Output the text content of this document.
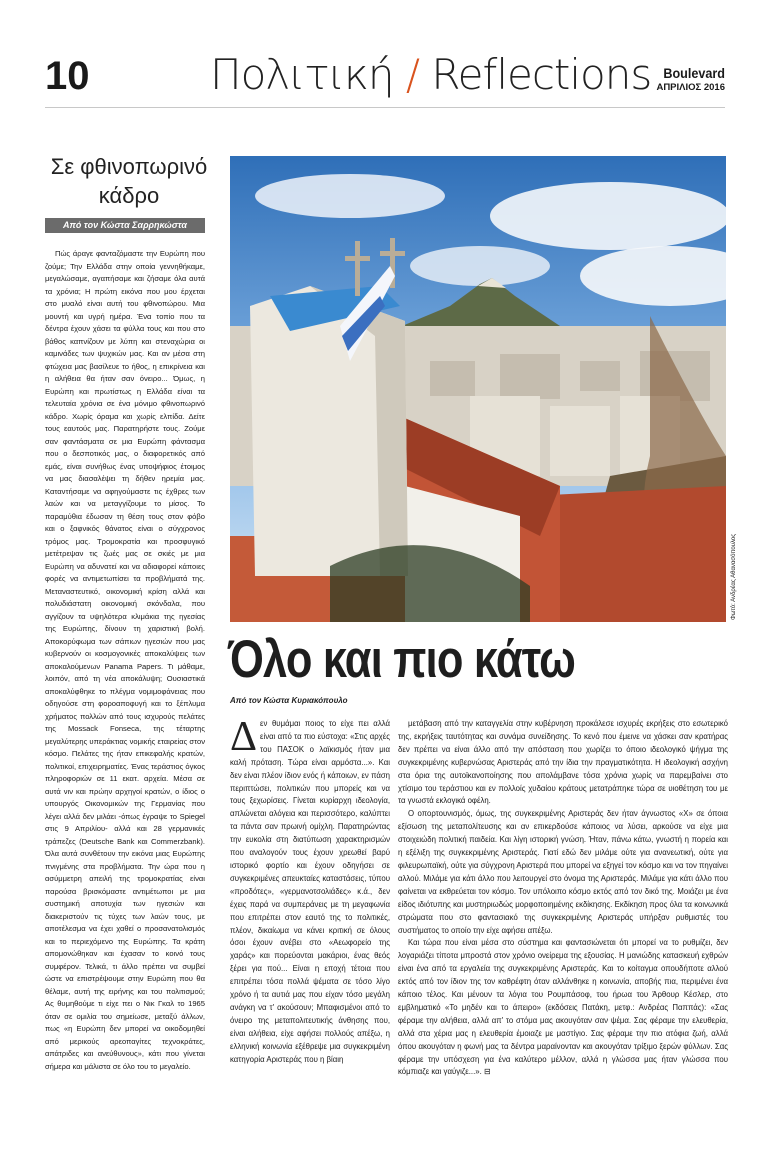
10	Πολιτική / Reflections Boulevard
ΑΠΡΙΛΙΟΣ 2016
Σε φθινοπωρινό κάδρο
Από τον Κώστα Σαρρηκώστα
Πώς άραγε φανταζόμαστε την Ευρώπη που ζούμε; Την Ελλάδα στην οποία γεννηθήκαμε, μεγαλώσαμε, αγαπήσαμε και ζήσαμε όλα αυτά τα χρόνια; Η πρώτη εικόνα που μου έρχεται στο μυαλό είναι αυτή του φθινοπώρου. Μια μουντή και υγρή ημέρα. Ένα τοπίο που τα δέντρα έχουν χάσει τα φύλλα τους και που στο βάθος καπνίζουν με λύπη και στεναχώρια οι καμινάδες των ψυχικών μας. Και αν μέσα στη φτώχεια μας βασίλευε το ήθος, η επικρίνεια και η αλήθεια θα ήταν σαν όνειρο... Όμως, η Ευρώπη και πρωτίστως η Ελλάδα είναι τα τελευταία χρόνια σε ένα μόνιμο φθινοπωρινό κάδρο. Χωρίς όραμα και χωρίς ελπίδα. Δείτε τους εαυτούς μας. Παρατηρήστε τους. Ζούμε σαν φαντάσματα σε μια Ευρώπη φάντασμα που ο δεσποτικός μας, ο διαφορετικός από εμάς, είναι συνήθως ένας υποψήφιος έτοιμος να μας διασαλέψει τη δήθεν ηρεμία μας. Καταντήσαμε να αφηγούμαστε τις έχθρες των λαών και να μεταγγίζουμε το μίσος. Το παραμύθια έδωσαν τη θέση τους στον φόβο και ο ξαφνικός θάνατος είναι ο σύγχρονος τρόμος μας. Τρομοκρατία και προσφυγικό μετέτρεψαν τις ζωές μας σε σκιές με μια Ευρώπη να αδυνατεί και να αδιαφορεί κάποιες φορές να αντιμετωπίσει τα προβλήματά της. Μεταναστευτικό, οικονομική κρίση αλλά και πολυδιάστατη οικονομική σκόνδαλα, που αγγίζουν τα υψηλότερα κλιμάκια της ηγεσίας της Ευρώπης, δίνουν τη χαριστική βολή. Αποκορύφωμα των σάπιων ηγεσιών που μας κυβερνούν οι κοσμογονικές αποκαλύψεις των αποκαλούμενων Panama Papers. Τι μάθαμε, λοιπόν, από τη νέα αποκάλυψη; Ουσιαστικά αποκαλύφθηκε το πλέγμα νομιμοφάνειας που οδηγούσε στη φοροαποφυγή και το ξέπλυμα χρήματος πολλών από τους ισχυρούς πελάτες της Mossack Fonseca, της τέταρτης μεγαλύτερης υπεράκτιας νομικής εταιρείας στον κόσμο. Πελάτες της ήταν επικεφαλής κρατών, πολιτικοί, επιχειρηματίες. Ένας τεράστιος όγκος πληροφοριών σε 11 εκατ. αρχεία. Μέσα σε αυτά νιν και πρώην αρχηγοί κρατών, ο ίδιος ο υπουργός Οικονομικών της Γερμανίας που λέγει αλλά δεν μιλάει -όπως έγραψε το Spiegel στις 9 Απριλίου- αλλά και 28 γερμανικές τράπεζες (Deutsche Bank και Commerzbank). Όλα αυτά συνθέτουν την εικόνα μιας Ευρώπης πνιγμένης στα προβλήματα. Την ώρα που η ασύμμετρη απειλή της τρομοκρατίας είναι παρούσα βρισκόμαστε αντιμέτωποι με μια συστημική αποτυχία των ηγεσιών και διακεριστούν τις τύχες των λαών τους, με αποτέλεσμα να έχει χαθεί ο προσανατολισμός και το περιεχόμενο της Ευρώπης. Τα κράτη απομονώθηκαν και έχασαν το κοινό τους συμφέρον. Τελικά, τι άλλο πρέπει να συμβεί ώστε να επιστρέψουμε στην Ευρώπη που θα θέλαμε, αυτή της ειρήνης και του πολιτισμού; Ας θυμηθούμε τι είχε πει ο Νικ Γκαλ το 1965 όταν σε ομιλία του σημείωσε, μεταξύ άλλων, πως «η Ευρώπη δεν μπορεί να οικοδομηθεί από μερικούς αρεοπαγίτες τεχνοκράτες, απάτριδες και ανεύθυνους», κάτι που γίνεται σήμερα και μάλιστα σε όλο του το μεγαλείο.
Φωτό: Ανδρέας Αθανασόπουλος
Όλο και πιο κάτω
Από τον Κώστα Κυριακόπουλο
Δεν θυμάμαι ποιος το είχε πει αλλά είναι από τα πιο εύστοχα: «Στις αρχές του ΠΑΣΟΚ ο λαϊκισμός ήταν μια καλή πρόταση. Τώρα είναι αρμόστα...». Και δεν είναι πλέον ίδιον ενός ή κάποιων, εν πάση περιπτώσει, πολιτικών που μπορείς και να τους ξεχωρίσεις. Γίνεται κυρίαρχη ιδεολογία, απλώνεται αλόγεια και περισσότερο, καλύπτει τα πάντα σαν πρωινή ομίχλη. Παρατηρώντας την ευκολία στη διατύπωση χαρακτηρισμών που αναλογούν τους έχουν χρεωθεί βαρύ ιστορικό φορτίο και έχουν οδηγήσει σε συγκεκριμένες απευκταίες καταστάσεις, τύπου «προδότες», «γερμανοτσολιάδες» κ.ά., δεν έχεις παρά να συμπεράνεις με τη μεγαφωνία που επιτρέπει στον εαυτό της το πολιτικές, πλέον, δικαίωμα να κάνει κριτική σε όλους όσοι έχουν ανέβει στο «Αεωφορείο της χαράς» και πορεύονται μακάριοι, ένας θεός ξέρει για πού... Είναι η εποχή τέτοια που επιτρέπει τόσα πολλά ψέματα σε τόσο λίγο χρόνο ή τα αυτιά μας που είχαν τόσο μεγάλη ανάγκη να τ' ακούσουν; Μπαφισμένοι από το όνειρο της μεταπολιτευτικής άνθησης που, είναι αλήθεια, είχε αφήσει πολλούς απέξω, η ελληνική κοινωνία εξέθρεψε μια συγκεκριμένη κατηγορία Αριστεράς που η βίαιη

μετάβαση από την καταγγελία στην κυβέρνηση προκάλεσε ισχυρές εκρήξεις στο εσωτερικό της, εκρήξεις ταυτότητας και συνάμα συνείδησης. Το κενό που έμεινε να χάσκει σαν κρατήρας δεν πρέπει να είναι άλλο από την απόσταση που χωρίζει το όποιο ιδεολογικό ψήγμα της συγκεκριμένης κυβερνώσας Αριστεράς από την ίδια την πραγματικότητα. Η ιδεολογική ασχήνη στα όρια της αυτοϊκανοποίησης που απολάμβανε τόσα χρόνια χωρίς να παρεμβαίνει στο χτίσιμο του τεράστιου και εν πολλοίς χυδαίου κράτους μετατράπηκε τώρα σε υιοθέτηση του με τα γνωστά εκλογικά οφέλη.

Ο οπορτουνισμός, όμως, της συγκεκριμένης Αριστεράς δεν ήταν άγνωστος «Χ» σε όποια εξίσωση της μεταπολίτευσης και αν επικερδούσε κάποιος να λύσει, αρκούσε να είχε μια στοιχειώδη πολιτική παιδεία. Και λίγη ιστορική γνώση. Ήταν, πάνω κάτω, γνωστή η πορεία και η εξέλιξη της συγκεκριμένης Αριστεράς. Γιατί εδώ δεν μιλάμε ούτε για ανανεωτική, ούτε για φιλευρωπαϊκή, ούτε για σύγχρονη Αριστερά που μπορεί να εξηγεί τον κόσμο και να τον πηγαίνει αλλού. Μιλάμε για κάτι άλλο που λειτουργεί στο όνομα της Αριστεράς. Μιλάμε για κάτι άλλο που φαίνεται να εκθρεύεται τον κόσμο. Τον υπόλοιπο κόσμο εκτός από τον δικό της. Μοιάζει με ένα είδος ιδιότυπης και μυστηριωδώς μορφοποιημένης εκδίκησης. Εκδίκηση προς όλα τα κοινωνικά στρώματα που στο φαντασιακό της συγκεκριμένης Αριστεράς υπήρξαν ρυθμιστές του συστήματος το οποίο την είχε αφήσει απέξω.

Και τώρα που είναι μέσα στο σύστημα και φαντασιώνεται ότι μπορεί να το ρυθμίζει, δεν λογαριάζει τίποτα μπροστά στον χρόνιο ονείρεμα της εξουσίας. Η μανιώδης κατασκευή εχθρών είναι ένα από τα εργαλεία της συγκεκριμένης Αριστεράς. Και το κοίταγμα οπουδήποτε αλλού εκτός από τον ίδιον της τον καθρέφτη όταν αλλάνθηκε η κοινωνία, αποβής πια, περιμένει ένα κάποιο τέλος. Και μένουν τα λόγια του Ρουμπάσοφ, του ήρωα του Άρθουρ Κέσλερ, στο εμβληματικό «Το μηδέν και το άπειρο» (εκδόσεις Πατάκη, μετφ.: Ανδρέας Παππάς): «Σας φέραμε την αλήθεια, αλλά απ' το στόμα μας ακουγόταν σαν ψέμα. Σας φέραμε την ελευθερία, αλλά στα χέρια μας η ελευθερία έμοιαζε με μαστίγιο. Σας φέραμε την πιο ατόφια ζωή, αλλά όπου ακουγόταν η φωνή μας τα δέντρα μαραίνονταν και ακουγόταν τρίξιμο ξερών φύλλων. Σας φέραμε την υπόσχεση για ένα καλύτερο μέλλον, αλλά η γλώσσα μας ήταν γλώσσα που κόμπιαζε και γαύγιζε...». ⊟
